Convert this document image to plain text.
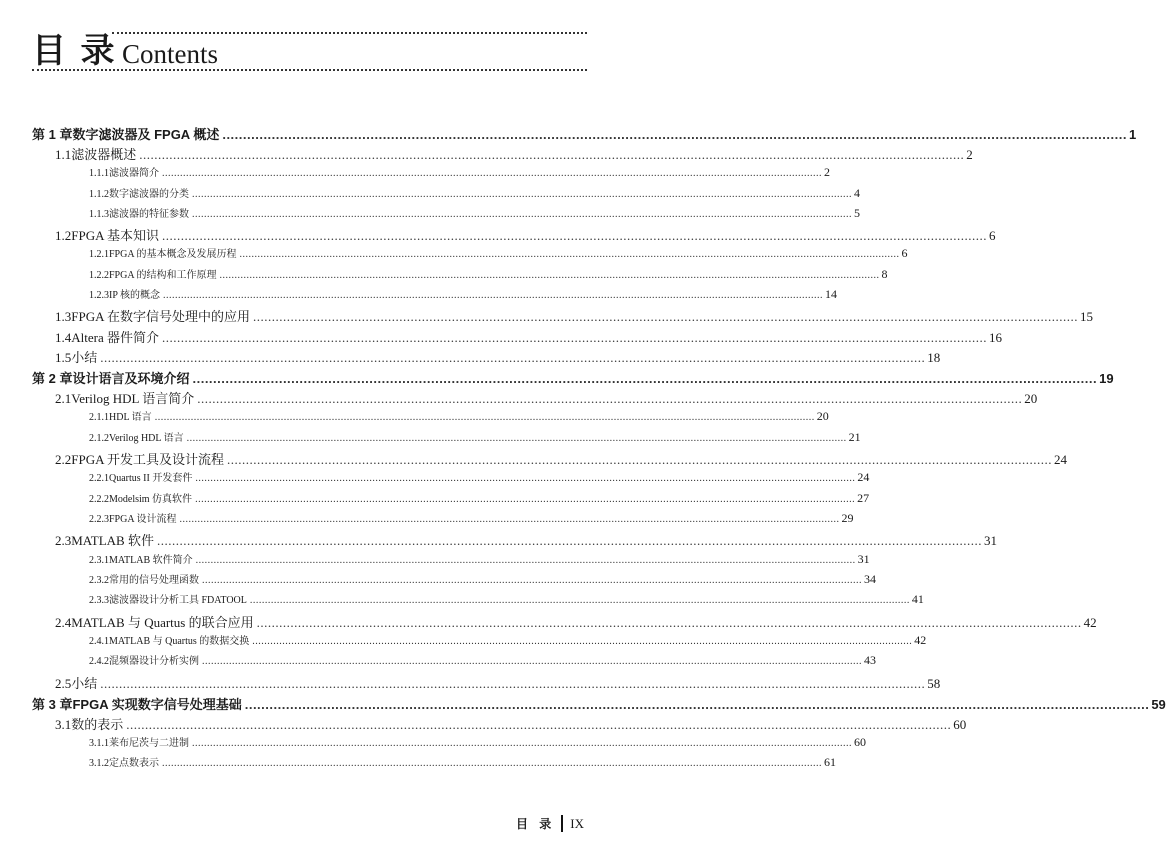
目 录 Contents
第 1 章 数字滤波器及 FPGA 概述 ............................................................................................................................................................................................................................ 1
1.1 滤波器概述 ............................................................................................................................................................................................................................ 2
1.1.1 滤波器简介 ............................................................................................................................................................................................................................ 2
1.1.2 数字滤波器的分类 ............................................................................................................................................................................................................................ 4
1.1.3 滤波器的特征参数 ............................................................................................................................................................................................................................ 5
1.2 FPGA 基本知识 ............................................................................................................................................................................................................................ 6
1.2.1 FPGA 的基本概念及发展历程 ............................................................................................................................................................................................................................ 6
1.2.2 FPGA 的结构和工作原理 ............................................................................................................................................................................................................................ 8
1.2.3 IP 核的概念 ............................................................................................................................................................................................................................ 14
1.3 FPGA 在数字信号处理中的应用 ............................................................................................................................................................................................................................ 15
1.4 Altera 器件简介 ............................................................................................................................................................................................................................ 16
1.5 小结 ............................................................................................................................................................................................................................ 18
第 2 章 设计语言及环境介绍 ............................................................................................................................................................................................................................ 19
2.1 Verilog HDL 语言简介 ............................................................................................................................................................................................................................ 20
2.1.1 HDL 语言 ............................................................................................................................................................................................................................ 20
2.1.2 Verilog HDL 语言 ............................................................................................................................................................................................................................ 21
2.2 FPGA 开发工具及设计流程 ............................................................................................................................................................................................................................ 24
2.2.1 Quartus II 开发套件 ............................................................................................................................................................................................................................ 24
2.2.2 Modelsim 仿真软件 ............................................................................................................................................................................................................................ 27
2.2.3 FPGA 设计流程 ............................................................................................................................................................................................................................ 29
2.3 MATLAB 软件 ............................................................................................................................................................................................................................ 31
2.3.1 MATLAB 软件简介 ............................................................................................................................................................................................................................ 31
2.3.2 常用的信号处理函数 ............................................................................................................................................................................................................................ 34
2.3.3 滤波器设计分析工具 FDATOOL ............................................................................................................................................................................................................................ 41
2.4 MATLAB 与 Quartus 的联合应用 ............................................................................................................................................................................................................................ 42
2.4.1 MATLAB 与 Quartus 的数据交换 ............................................................................................................................................................................................................................ 42
2.4.2 混频器设计分析实例 ............................................................................................................................................................................................................................ 43
2.5 小结 ............................................................................................................................................................................................................................ 58
第 3 章 FPGA 实现数字信号处理基础 ............................................................................................................................................................................................................................ 59
3.1 数的表示 ............................................................................................................................................................................................................................ 60
3.1.1 莱布尼茨与二进制 ............................................................................................................................................................................................................................ 60
3.1.2 定点数表示 ............................................................................................................................................................................................................................ 61
目 录 IX
